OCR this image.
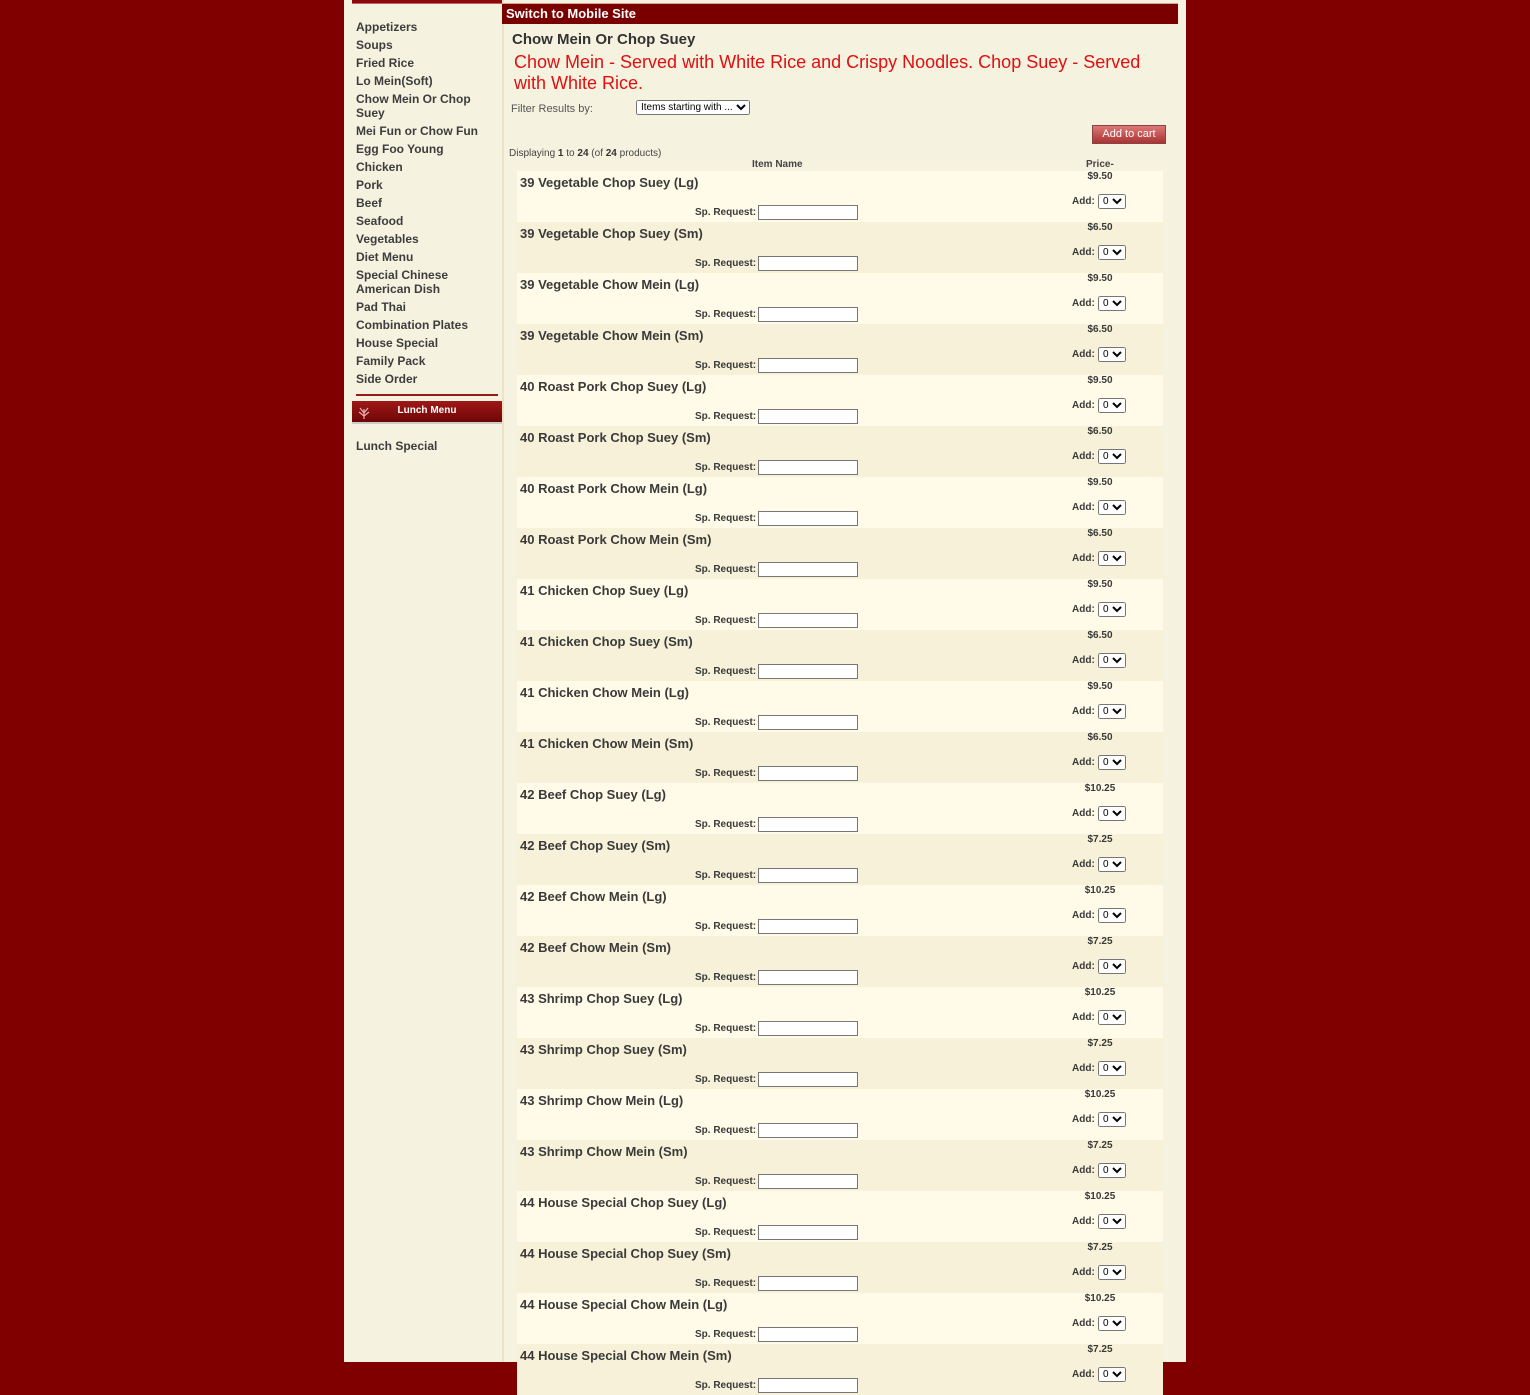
Appetizers
Soups
Fried Rice
Lo Mein(Soft)
Chow Mein Or Chop Suey
Mei Fun or Chow Fun
Egg Foo Young
Chicken
Pork
Beef
Seafood
Vegetables
Diet Menu
Special Chinese American Dish
Pad Thai
Combination Plates
House Special
Family Pack
Side Order
Lunch Menu
Lunch Special
Switch to Mobile Site
Chow Mein Or Chop Suey
Chow Mein - Served with White Rice and Crispy Noodles. Chop Suey - Served with White Rice.
Filter Results by:
Items starting with ...
Add to cart
Displaying 1 to 24 (of 24 products)
Item Name	Price-
39 Vegetable Chop Suey (Lg)	$9.50
Add:
0
Sp. Request:
39 Vegetable Chop Suey (Sm)	$6.50
Add:
0
Sp. Request:
39 Vegetable Chow Mein (Lg)	$9.50
Add:
0
Sp. Request:
39 Vegetable Chow Mein (Sm)	$6.50
Add:
0
Sp. Request:
40 Roast Pork Chop Suey (Lg)	$9.50
Add:
0
Sp. Request:
40 Roast Pork Chop Suey (Sm)	$6.50
Add:
0
Sp. Request:
40 Roast Pork Chow Mein (Lg)	$9.50
Add:
0
Sp. Request:
40 Roast Pork Chow Mein (Sm)	$6.50
Add:
0
Sp. Request:
41 Chicken Chop Suey (Lg)	$9.50
Add:
0
Sp. Request:
41 Chicken Chop Suey (Sm)	$6.50
Add:
0
Sp. Request:
41 Chicken Chow Mein (Lg)	$9.50
Add:
0
Sp. Request:
41 Chicken Chow Mein (Sm)	$6.50
Add:
0
Sp. Request:
42 Beef Chop Suey (Lg)	$10.25
Add:
0
Sp. Request:
42 Beef Chop Suey (Sm)	$7.25
Add:
0
Sp. Request:
42 Beef Chow Mein (Lg)	$10.25
Add:
0
Sp. Request:
42 Beef Chow Mein (Sm)	$7.25
Add:
0
Sp. Request:
43 Shrimp Chop Suey (Lg)	$10.25
Add:
0
Sp. Request:
43 Shrimp Chop Suey (Sm)	$7.25
Add:
0
Sp. Request:
43 Shrimp Chow Mein (Lg)	$10.25
Add:
0
Sp. Request:
43 Shrimp Chow Mein (Sm)	$7.25
Add:
0
Sp. Request:
44 House Special Chop Suey (Lg)	$10.25
Add:
0
Sp. Request:
44 House Special Chop Suey (Sm)	$7.25
Add:
0
Sp. Request:
44 House Special Chow Mein (Lg)	$10.25
Add:
0
Sp. Request:
44 House Special Chow Mein (Sm)	$7.25
Add:
0
Sp. Request:
